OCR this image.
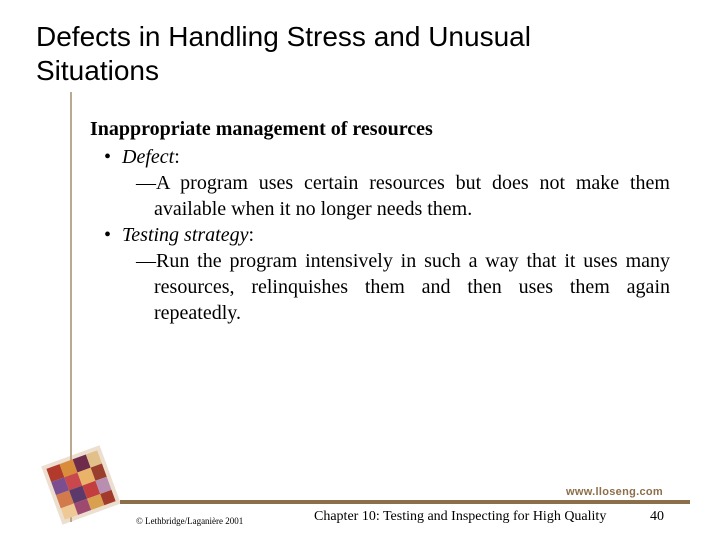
Defects in Handling Stress and Unusual Situations
Inappropriate management of resources
• Defect:
—A program uses certain resources but does not make them available when it no longer needs them.
• Testing strategy:
—Run the program intensively in such a way that it uses many resources, relinquishes them and then uses them again repeatedly.
www.lloseng.com
© Lethbridge/Laganière 2001	Chapter 10: Testing and Inspecting for High Quality	40
